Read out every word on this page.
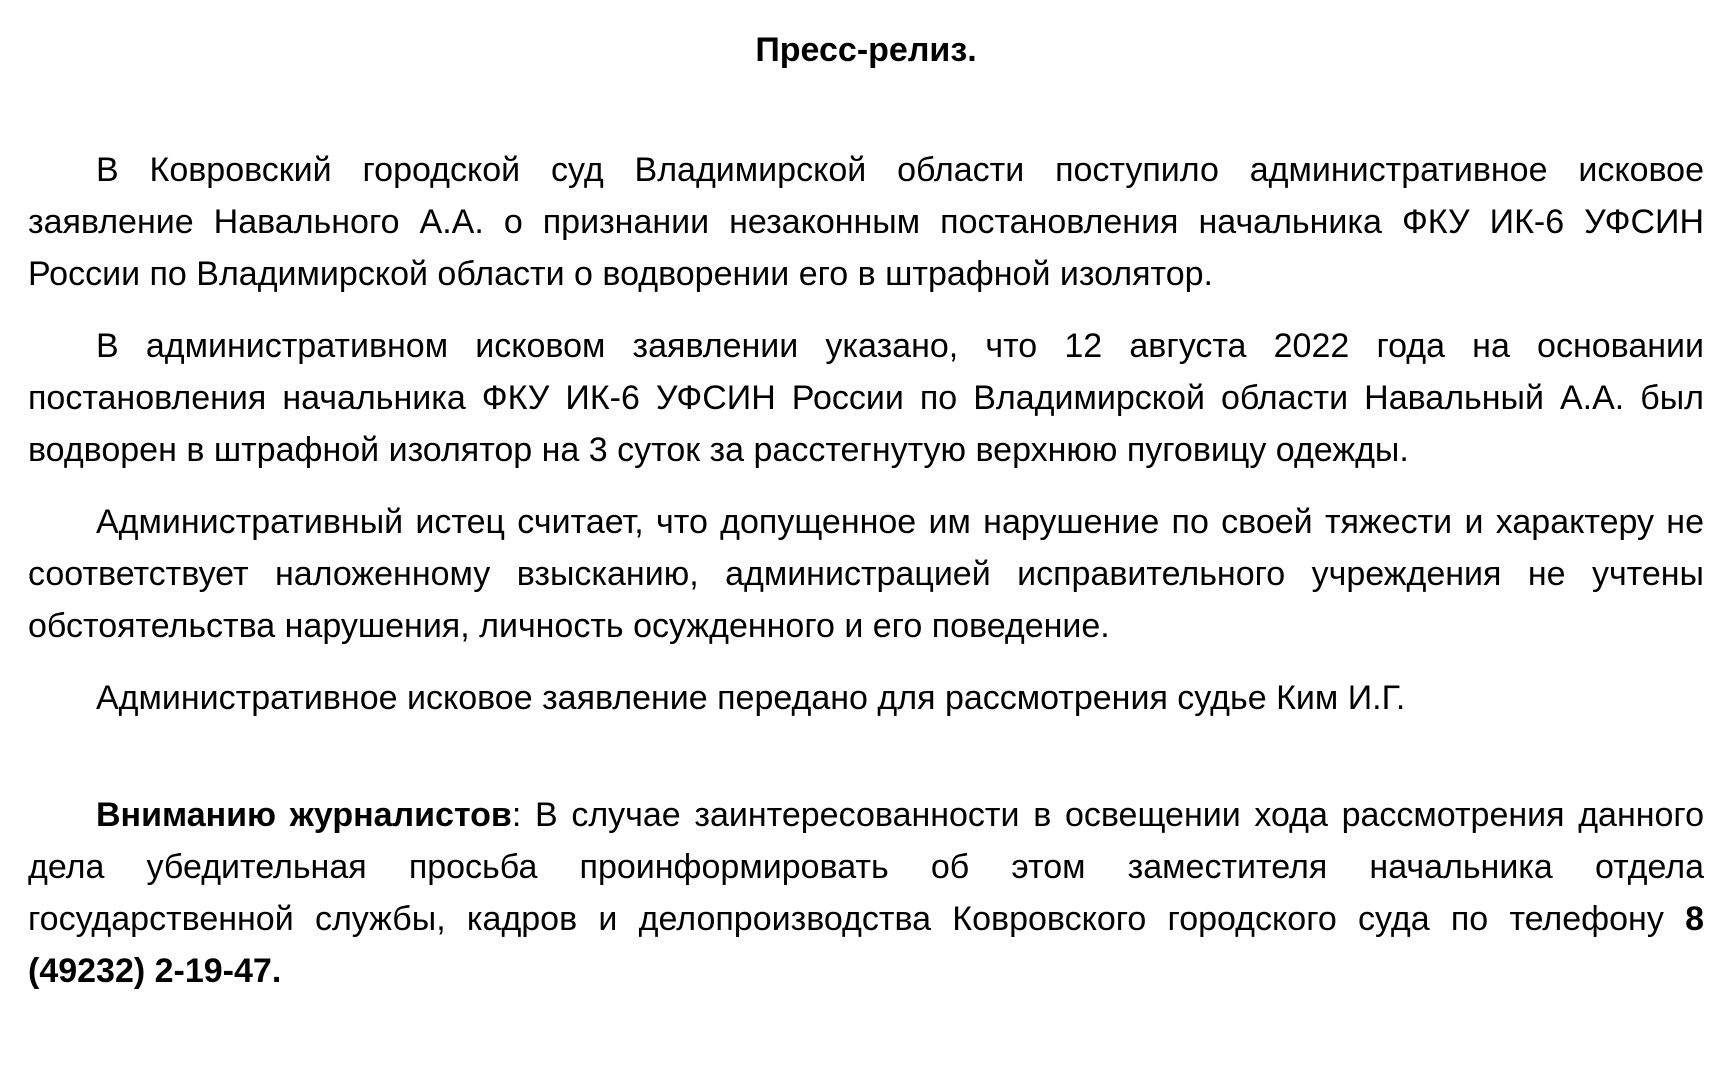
Пресс-релиз.

В Ковровский городской суд Владимирской области поступило административное исковое заявление Навального А.А. о признании незаконным постановления начальника ФКУ ИК-6 УФСИН России по Владимирской области о водворении его в штрафной изолятор.

В административном исковом заявлении указано, что 12 августа 2022 года на основании постановления начальника ФКУ ИК-6 УФСИН России по Владимирской области Навальный А.А. был водворен в штрафной изолятор на 3 суток за расстегнутую верхнюю пуговицу одежды.

Административный истец считает, что допущенное им нарушение по своей тяжести и характеру не соответствует наложенному взысканию, администрацией исправительного учреждения не учтены обстоятельства нарушения, личность осужденного и его поведение.

Административное исковое заявление передано для рассмотрения судье Ким И.Г.

Вниманию журналистов: В случае заинтересованности в освещении хода рассмотрения данного дела убедительная просьба проинформировать об этом заместителя начальника отдела государственной службы, кадров и делопроизводства Ковровского городского суда по телефону 8 (49232) 2-19-47.
